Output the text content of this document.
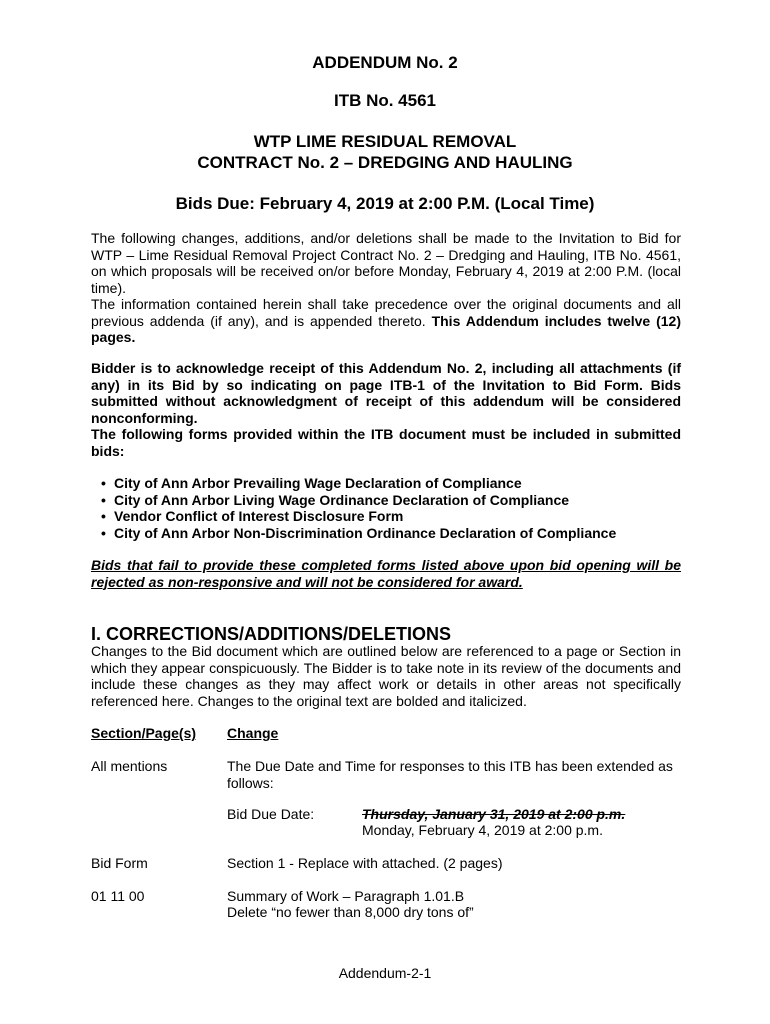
ADDENDUM No. 2
ITB No. 4561
WTP LIME RESIDUAL REMOVAL
CONTRACT No. 2 – DREDGING AND HAULING
Bids Due: February 4, 2019 at 2:00 P.M. (Local Time)
The following changes, additions, and/or deletions shall be made to the Invitation to Bid for WTP – Lime Residual Removal Project Contract No. 2 – Dredging and Hauling, ITB No. 4561, on which proposals will be received on/or before Monday, February 4, 2019 at 2:00 P.M. (local time).
The information contained herein shall take precedence over the original documents and all previous addenda (if any), and is appended thereto. This Addendum includes twelve (12) pages.
Bidder is to acknowledge receipt of this Addendum No. 2, including all attachments (if any) in its Bid by so indicating on page ITB-1 of the Invitation to Bid Form. Bids submitted without acknowledgment of receipt of this addendum will be considered nonconforming.
The following forms provided within the ITB document must be included in submitted bids:
• City of Ann Arbor Prevailing Wage Declaration of Compliance
• City of Ann Arbor Living Wage Ordinance Declaration of Compliance
• Vendor Conflict of Interest Disclosure Form
• City of Ann Arbor Non-Discrimination Ordinance Declaration of Compliance
Bids that fail to provide these completed forms listed above upon bid opening will be rejected as non-responsive and will not be considered for award.
I. CORRECTIONS/ADDITIONS/DELETIONS
Changes to the Bid document which are outlined below are referenced to a page or Section in which they appear conspicuously. The Bidder is to take note in its review of the documents and include these changes as they may affect work or details in other areas not specifically referenced here. Changes to the original text are bolded and italicized.
Section/Page(s) Change
All mentions	The Due Date and Time for responses to this ITB has been extended as follows:
Bid Due Date:	Thursday, January 31, 2019 at 2:00 p.m.
Monday, February 4, 2019 at 2:00 p.m.
Bid Form	Section 1 - Replace with attached. (2 pages)
01 11 00	Summary of Work – Paragraph 1.01.B
Delete “no fewer than 8,000 dry tons of”
Addendum-2-1
